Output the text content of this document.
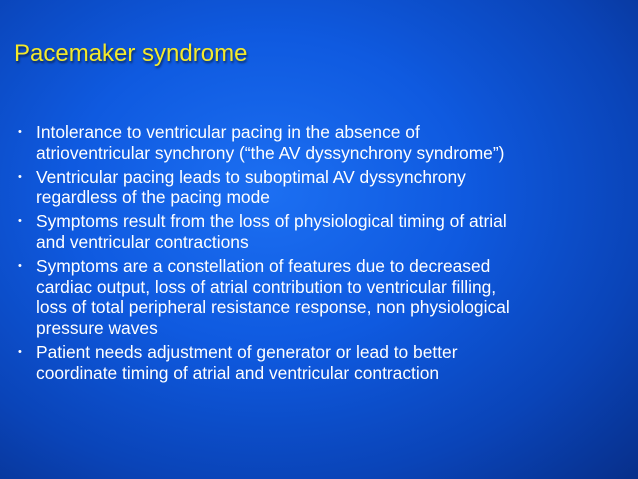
Pacemaker syndrome
• Intolerance to ventricular pacing in the absence of
atrioventricular synchrony (“the AV dyssynchrony syndrome”)
• Ventricular pacing leads to suboptimal AV dyssynchrony
regardless of the pacing mode
• Symptoms result from the loss of physiological timing of atrial
and ventricular contractions
• Symptoms are a constellation of features due to decreased
cardiac output, loss of atrial contribution to ventricular filling,
loss of total peripheral resistance response, non physiological
pressure waves
• Patient needs adjustment of generator or lead to better
coordinate timing of atrial and ventricular contraction
